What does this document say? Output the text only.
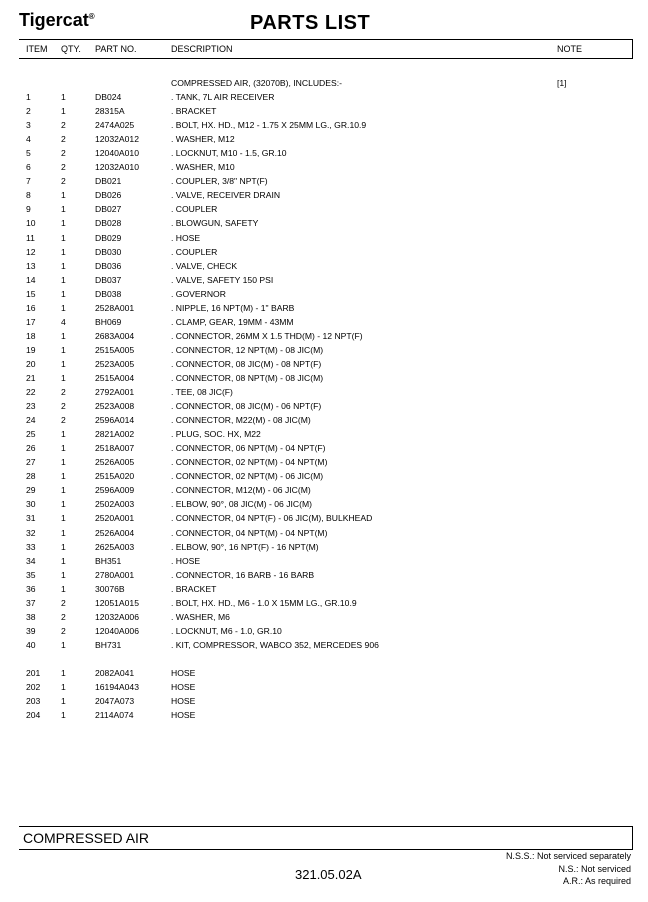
Tigercat®	PARTS LIST
ITEM QTY. PART NO.	DESCRIPTION	NOTE
COMPRESSED AIR, (32070B), INCLUDES:-	[1]
1	1	DB024	. TANK, 7L AIR RECEIVER
2	1	28315A	. BRACKET
3	2	2474A025	. BOLT, HX. HD., M12 - 1.75 X 25MM LG., GR.10.9
4	2	12032A012	. WASHER, M12
5	2	12040A010	. LOCKNUT, M10 - 1.5, GR.10
6	2	12032A010	. WASHER, M10
7	2	DB021	. COUPLER, 3/8" NPT(F)
8	1	DB026	. VALVE, RECEIVER DRAIN
9	1	DB027	. COUPLER
10	1	DB028	. BLOWGUN, SAFETY
11	1	DB029	. HOSE
12	1	DB030	. COUPLER
13	1	DB036	. VALVE, CHECK
14	1	DB037	. VALVE, SAFETY 150 PSI
15	1	DB038	. GOVERNOR
16	1	2528A001	. NIPPLE, 16 NPT(M) - 1" BARB
17	4	BH069	. CLAMP, GEAR, 19MM - 43MM
18	1	2683A004	. CONNECTOR, 26MM X 1.5 THD(M) - 12 NPT(F)
19	1	2515A005	. CONNECTOR, 12 NPT(M) - 08 JIC(M)
20	1	2523A005	. CONNECTOR, 08 JIC(M) - 08 NPT(F)
21	1	2515A004	. CONNECTOR, 08 NPT(M) - 08 JIC(M)
22	2	2792A001	. TEE, 08 JIC(F)
23	2	2523A008	. CONNECTOR, 08 JIC(M) - 06 NPT(F)
24	2	2596A014	. CONNECTOR, M22(M) - 08 JIC(M)
25	1	2821A002	. PLUG, SOC. HX, M22
26	1	2518A007	. CONNECTOR, 06 NPT(M) - 04 NPT(F)
27	1	2526A005	. CONNECTOR, 02 NPT(M) - 04 NPT(M)
28	1	2515A020	. CONNECTOR, 02 NPT(M) - 06 JIC(M)
29	1	2596A009	. CONNECTOR, M12(M) - 06 JIC(M)
30	1	2502A003	. ELBOW, 90°, 08 JIC(M) - 06 JIC(M)
31	1	2520A001	. CONNECTOR, 04 NPT(F) - 06 JIC(M), BULKHEAD
32	1	2526A004	. CONNECTOR, 04 NPT(M) - 04 NPT(M)
33	1	2625A003	. ELBOW, 90°, 16 NPT(F) - 16 NPT(M)
34	1	BH351	. HOSE
35	1	2780A001	. CONNECTOR, 16 BARB - 16 BARB
36	1	30076B	. BRACKET
37	2	12051A015	. BOLT, HX. HD., M6 - 1.0 X 15MM LG., GR.10.9
38	2	12032A006	. WASHER, M6
39	2	12040A006	. LOCKNUT, M6 - 1.0, GR.10
40	1	BH731	. KIT, COMPRESSOR, WABCO 352, MERCEDES 906
201 1	2082A041	HOSE
202 1	16194A043	HOSE
203 1	2047A073	HOSE
204 1	2114A074	HOSE
COMPRESSED AIR
N.S.S.: Not serviced separately
N.S.: Not serviced
A.R.: As required
321.05.02A
